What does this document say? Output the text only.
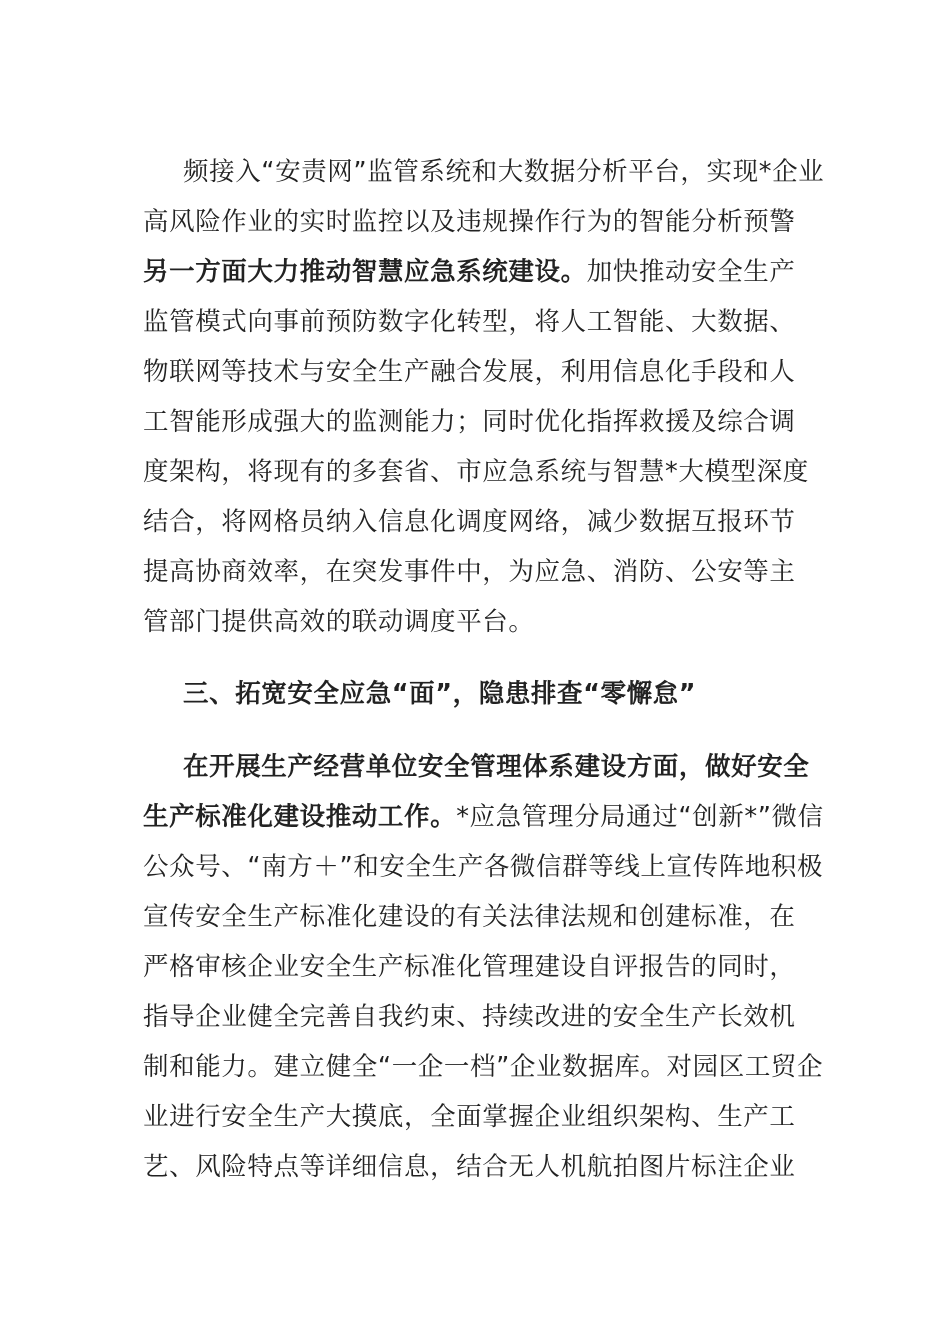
频接入“安责网”监管系统和大数据分析平台，实现*企业
高风险作业的实时监控以及违规操作行为的智能分析预警
另一方面大力推动智慧应急系统建设。加快推动安全生产
监管模式向事前预防数字化转型，将人工智能、大数据、
物联网等技术与安全生产融合发展，利用信息化手段和人
工智能形成强大的监测能力；同时优化指挥救援及综合调
度架构，将现有的多套省、市应急系统与智慧*大模型深度
结合，将网格员纳入信息化调度网络，减少数据互报环节
提高协商效率，在突发事件中，为应急、消防、公安等主
管部门提供高效的联动调度平台。
三、拓宽安全应急“面”，隐患排查“零懈怠”
在开展生产经营单位安全管理体系建设方面，做好安全
生产标准化建设推动工作。*应急管理分局通过“创新*”微信
公众号、“南方＋”和安全生产各微信群等线上宣传阵地积极
宣传安全生产标准化建设的有关法律法规和创建标准，在
严格审核企业安全生产标准化管理建设自评报告的同时，
指导企业健全完善自我约束、持续改进的安全生产长效机
制和能力。建立健全“一企一档”企业数据库。对园区工贸企
业进行安全生产大摸底，全面掌握企业组织架构、生产工
艺、风险特点等详细信息，结合无人机航拍图片标注企业
